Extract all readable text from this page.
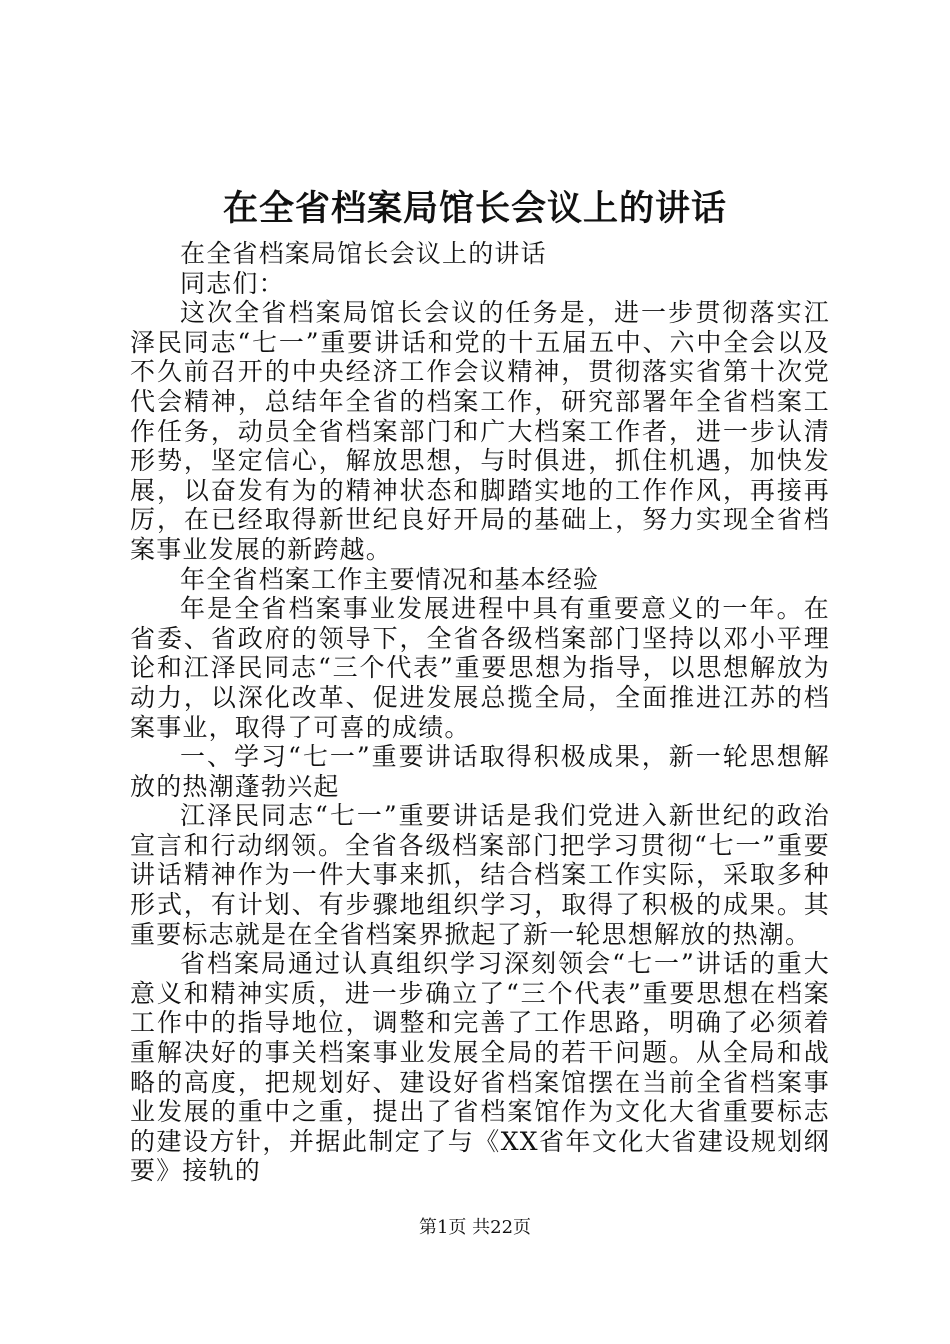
在全省档案局馆长会议上的讲话

在全省档案局馆长会议上的讲话

同志们：

这次全省档案局馆长会议的任务是，进一步贯彻落实江泽民同志“七一”重要讲话和党的十五届五中、六中全会以及不久前召开的中央经济工作会议精神，贯彻落实省第十次党代会精神，总结年全省的档案工作，研究部署年全省档案工作任务，动员全省档案部门和广大档案工作者，进一步认清形势，坚定信心，解放思想，与时俱进，抓住机遇，加快发展，以奋发有为的精神状态和脚踏实地的工作作风，再接再厉，在已经取得新世纪良好开局的基础上，努力实现全省档案事业发展的新跨越。

年全省档案工作主要情况和基本经验

年是全省档案事业发展进程中具有重要意义的一年。在省委、省政府的领导下，全省各级档案部门坚持以邓小平理论和江泽民同志“三个代表”重要思想为指导，以思想解放为动力，以深化改革、促进发展总揽全局，全面推进江苏的档案事业，取得了可喜的成绩。

一、学习“七一”重要讲话取得积极成果，新一轮思想解放的热潮蓬勃兴起

江泽民同志“七一”重要讲话是我们党进入新世纪的政治宣言和行动纲领。全省各级档案部门把学习贯彻“七一”重要讲话精神作为一件大事来抓，结合档案工作实际，采取多种形式，有计划、有步骤地组织学习，取得了积极的成果。其重要标志就是在全省档案界掀起了新一轮思想解放的热潮。

省档案局通过认真组织学习深刻领会“七一”讲话的重大意义和精神实质，进一步确立了“三个代表”重要思想在档案工作中的指导地位，调整和完善了工作思路，明确了必须着重解决好的事关档案事业发展全局的若干问题。从全局和战略的高度，把规划好、建设好省档案馆摆在当前全省档案事业发展的重中之重，提出了省档案馆作为文化大省重要标志的建设方针，并据此制定了与《XX省年文化大省建设规划纲要》接轨的

第1页 共22页
